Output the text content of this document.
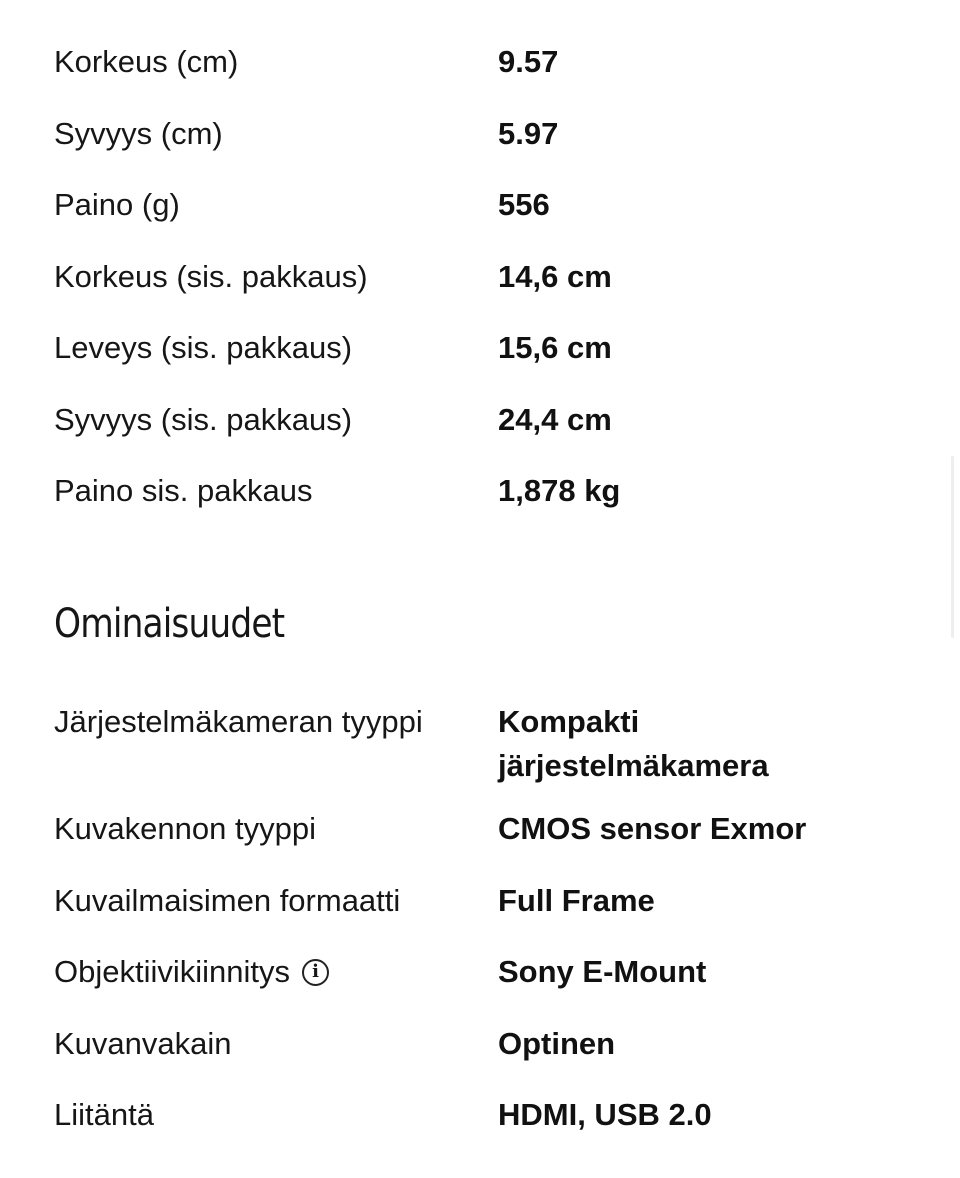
Korkeus (cm)	9.57
Syvyys (cm)	5.97
Paino (g)	556
Korkeus (sis. pakkaus)	14,6 cm
Leveys (sis. pakkaus)	15,6 cm
Syvyys (sis. pakkaus)	24,4 cm
Paino sis. pakkaus	1,878 kg
Ominaisuudet
Järjestelmäkameran tyyppi	Kompakti järjestelmäkamera
Kuvakennon tyyppi	CMOS sensor Exmor
Kuvailmaisimen formaatti	Full Frame
Objektiivikiinnitys	i	Sony E-Mount
Kuvanvakain	Optinen
Liitäntä	HDMI, USB 2.0
